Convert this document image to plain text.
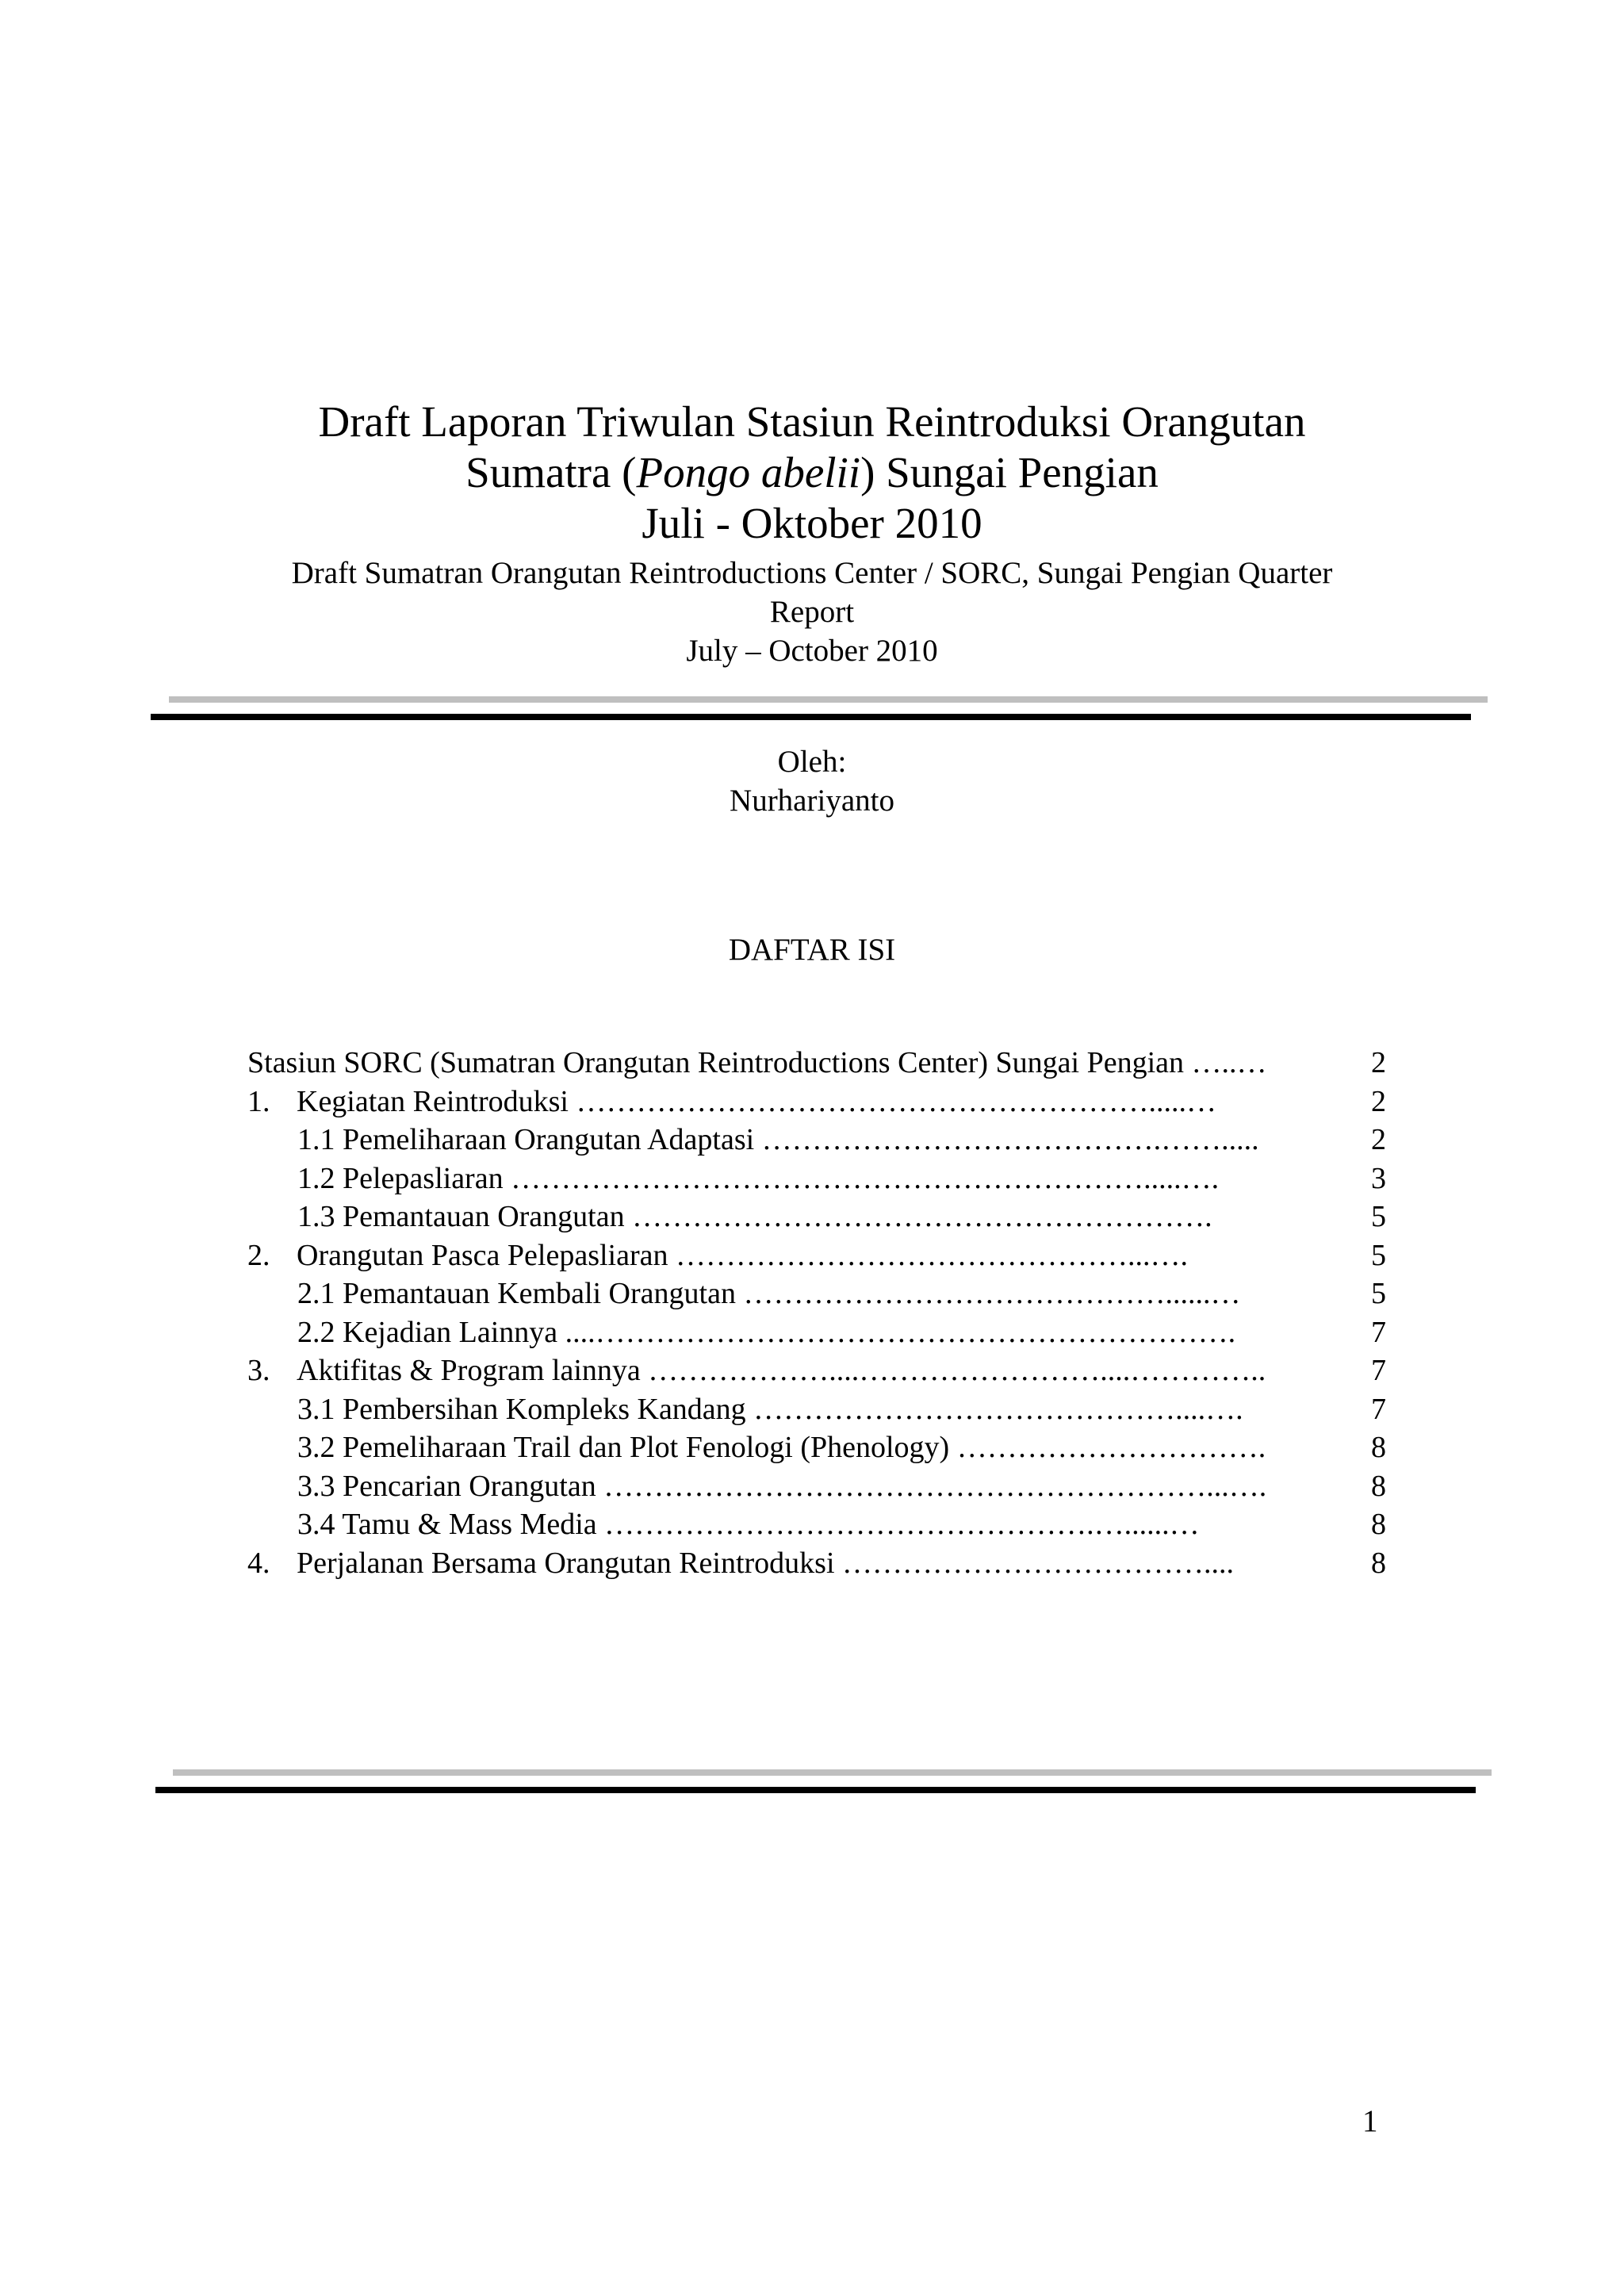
Draft Laporan Triwulan Stasiun Reintroduksi Orangutan
Sumatra (Pongo abelii) Sungai Pengian
Juli - Oktober 2010
Draft Sumatran Orangutan Reintroductions Center / SORC, Sungai Pengian Quarter
Report
July – October 2010
Oleh:
Nurhariyanto
DAFTAR ISI
Stasiun SORC (Sumatran Orangutan Reintroductions Center) Sungai Pengian …..…	2
1. Kegiatan Reintroduksi ………………………………………………….....…	2
1.1 Pemeliharaan Orangutan Adaptasi ………………………………….…….....	2
1.2 Pelepasliaran ……………………………………………………….....….	3
1.3 Pemantauan Orangutan ………………………………………………….	5
2. Orangutan Pasca Pelepasliaran ………………………………………...….	5
2.1 Pemantauan Kembali Orangutan ……………………………………......…	5
2.2 Kejadian Lainnya ....……………………………………………………….	7
3. Aktifitas & Program lainnya ………………....……………………....…………..	7
3.1 Pembersihan Kompleks Kandang ……………………………………....….	7
3.2 Pemeliharaan Trail dan Plot Fenologi (Phenology) ………………………….	8
3.3 Pencarian Orangutan ……………………………………………………...….	8
3.4 Tamu & Mass Media ………………………………………….…......…	8
4. Perjalanan Bersama Orangutan Reintroduksi ………………………………....	8
1
